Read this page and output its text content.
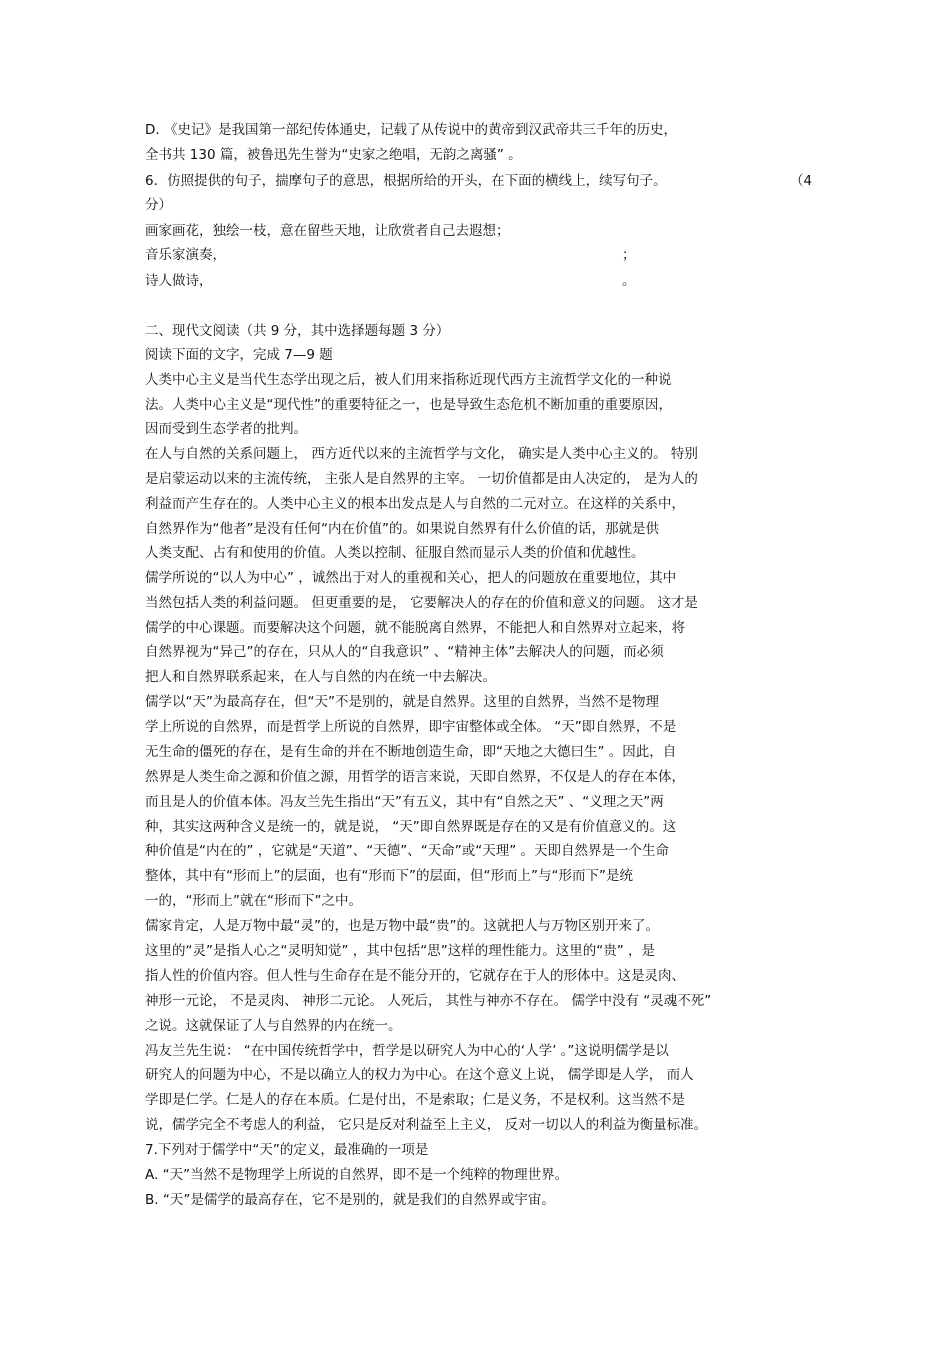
D. 《史记》是我国第一部纪传体通史，记载了从传说中的黄帝到汉武帝共三千年的历史，
全书共 130 篇，被鲁迅先生誉为“史家之绝唱，无韵之离骚” 。
6．仿照提供的句子，揣摩句子的意思，根据所给的开头，在下面的横线上，续写句子。	（4
分）
画家画花，独绘一枝，意在留些天地，让欣赏者自己去遐想；
音乐家演奏，	；
诗人做诗，	。
二、现代文阅读（共 9 分，其中选择题每题 3 分）
阅读下面的文字，完成 7—9 题
人类中心主义是当代生态学出现之后，被人们用来指称近现代西方主流哲学文化的一种说
法。人类中心主义是“现代性”的重要特征之一，也是导致生态危机不断加重的重要原因，
因而受到生态学者的批判。
在人与自然的关系问题上， 西方近代以来的主流哲学与文化， 确实是人类中心主义的。 特别
是启蒙运动以来的主流传统， 主张人是自然界的主宰。 一切价值都是由人决定的， 是为人的
利益而产生存在的。人类中心主义的根本出发点是人与自然的二元对立。在这样的关系中，
自然界作为“他者”是没有任何“内在价值”的。如果说自然界有什么价值的话，那就是供
人类支配、占有和使用的价值。人类以控制、征服自然而显示人类的价值和优越性。
儒学所说的“以人为中心” ，诚然出于对人的重视和关心，把人的问题放在重要地位，其中
当然包括人类的利益问题。 但更重要的是， 它要解决人的存在的价值和意义的问题。 这才是
儒学的中心课题。而要解决这个问题，就不能脱离自然界，不能把人和自然界对立起来，将
自然界视为“异己”的存在，只从人的“自我意识” 、“精神主体”去解决人的问题，而必须
把人和自然界联系起来，在人与自然的内在统一中去解决。
儒学以“天”为最高存在，但“天”不是别的，就是自然界。这里的自然界，当然不是物理
学上所说的自然界，而是哲学上所说的自然界，即宇宙整体或全体。 “天”即自然界，不是
无生命的僵死的存在，是有生命的并在不断地创造生命，即“天地之大德曰生” 。因此，自
然界是人类生命之源和价值之源，用哲学的语言来说，天即自然界，不仅是人的存在本体，
而且是人的价值本体。冯友兰先生指出“天”有五义，其中有“自然之天” 、“义理之天”两
种，其实这两种含义是统一的，就是说， “天”即自然界既是存在的又是有价值意义的。这
种价值是“内在的” ，它就是“天道”、“天德”、“天命”或“天理” 。天即自然界是一个生命
整体，其中有“形而上”的层面，也有“形而下”的层面，但“形而上”与“形而下”是统
一的，“形而上”就在“形而下”之中。
儒家肯定，人是万物中最“灵”的，也是万物中最“贵”的。这就把人与万物区别开来了。
这里的“灵”是指人心之“灵明知觉” ，其中包括“思”这样的理性能力。这里的“贵” ，是
指人性的价值内容。但人性与生命存在是不能分开的，它就存在于人的形体中。这是灵肉、
神形一元论， 不是灵肉、 神形二元论。 人死后， 其性与神亦不存在。 儒学中没有 “灵魂不死”
之说。这就保证了人与自然界的内在统一。
冯友兰先生说： “在中国传统哲学中，哲学是以研究人为中心的‘人学’ 。”这说明儒学是以
研究人的问题为中心，不是以确立人的权力为中心。在这个意义上说， 儒学即是人学， 而人
学即是仁学。仁是人的存在本质。仁是付出，不是索取；仁是义务，不是权利。这当然不是
说，儒学完全不考虑人的利益， 它只是反对利益至上主义， 反对一切以人的利益为衡量标准。
7.下列对于儒学中“天”的定义，最准确的一项是
A. “天”当然不是物理学上所说的自然界，即不是一个纯粹的物理世界。
B. “天”是儒学的最高存在，它不是别的，就是我们的自然界或宇宙。
